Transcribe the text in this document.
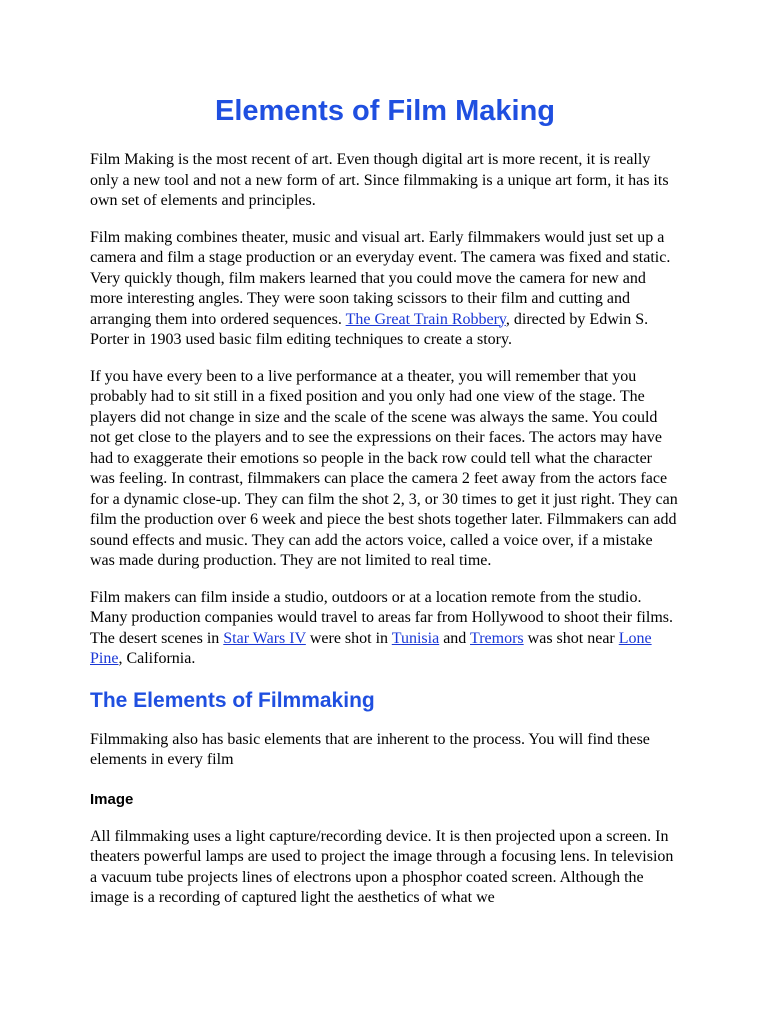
Elements of Film Making

Film Making is the most recent of art. Even though digital art is more recent, it is really only a new tool and not a new form of art. Since filmmaking is a unique art form, it has its own set of elements and principles.

Film making combines theater, music and visual art. Early filmmakers would just set up a camera and film a stage production or an everyday event. The camera was fixed and static. Very quickly though, film makers learned that you could move the camera for new and more interesting angles. They were soon taking scissors to their film and cutting and arranging them into ordered sequences. The Great Train Robbery, directed by Edwin S. Porter in 1903 used basic film editing techniques to create a story.

If you have every been to a live performance at a theater, you will remember that you probably had to sit still in a fixed position and you only had one view of the stage. The players did not change in size and the scale of the scene was always the same. You could not get close to the players and to see the expressions on their faces. The actors may have had to exaggerate their emotions so people in the back row could tell what the character was feeling. In contrast, filmmakers can place the camera 2 feet away from the actors face for a dynamic close-up. They can film the shot 2, 3, or 30 times to get it just right. They can film the production over 6 week and piece the best shots together later. Filmmakers can add sound effects and music. They can add the actors voice, called a voice over, if a mistake was made during production. They are not limited to real time.

Film makers can film inside a studio, outdoors or at a location remote from the studio. Many production companies would travel to areas far from Hollywood to shoot their films. The desert scenes in Star Wars IV were shot in Tunisia and Tremors was shot near Lone Pine, California.

The Elements of Filmmaking

Filmmaking also has basic elements that are inherent to the process. You will find these elements in every film

Image

All filmmaking uses a light capture/recording device. It is then projected upon a screen. In theaters powerful lamps are used to project the image through a focusing lens. In television a vacuum tube projects lines of electrons upon a phosphor coated screen. Although the image is a recording of captured light the aesthetics of what we
